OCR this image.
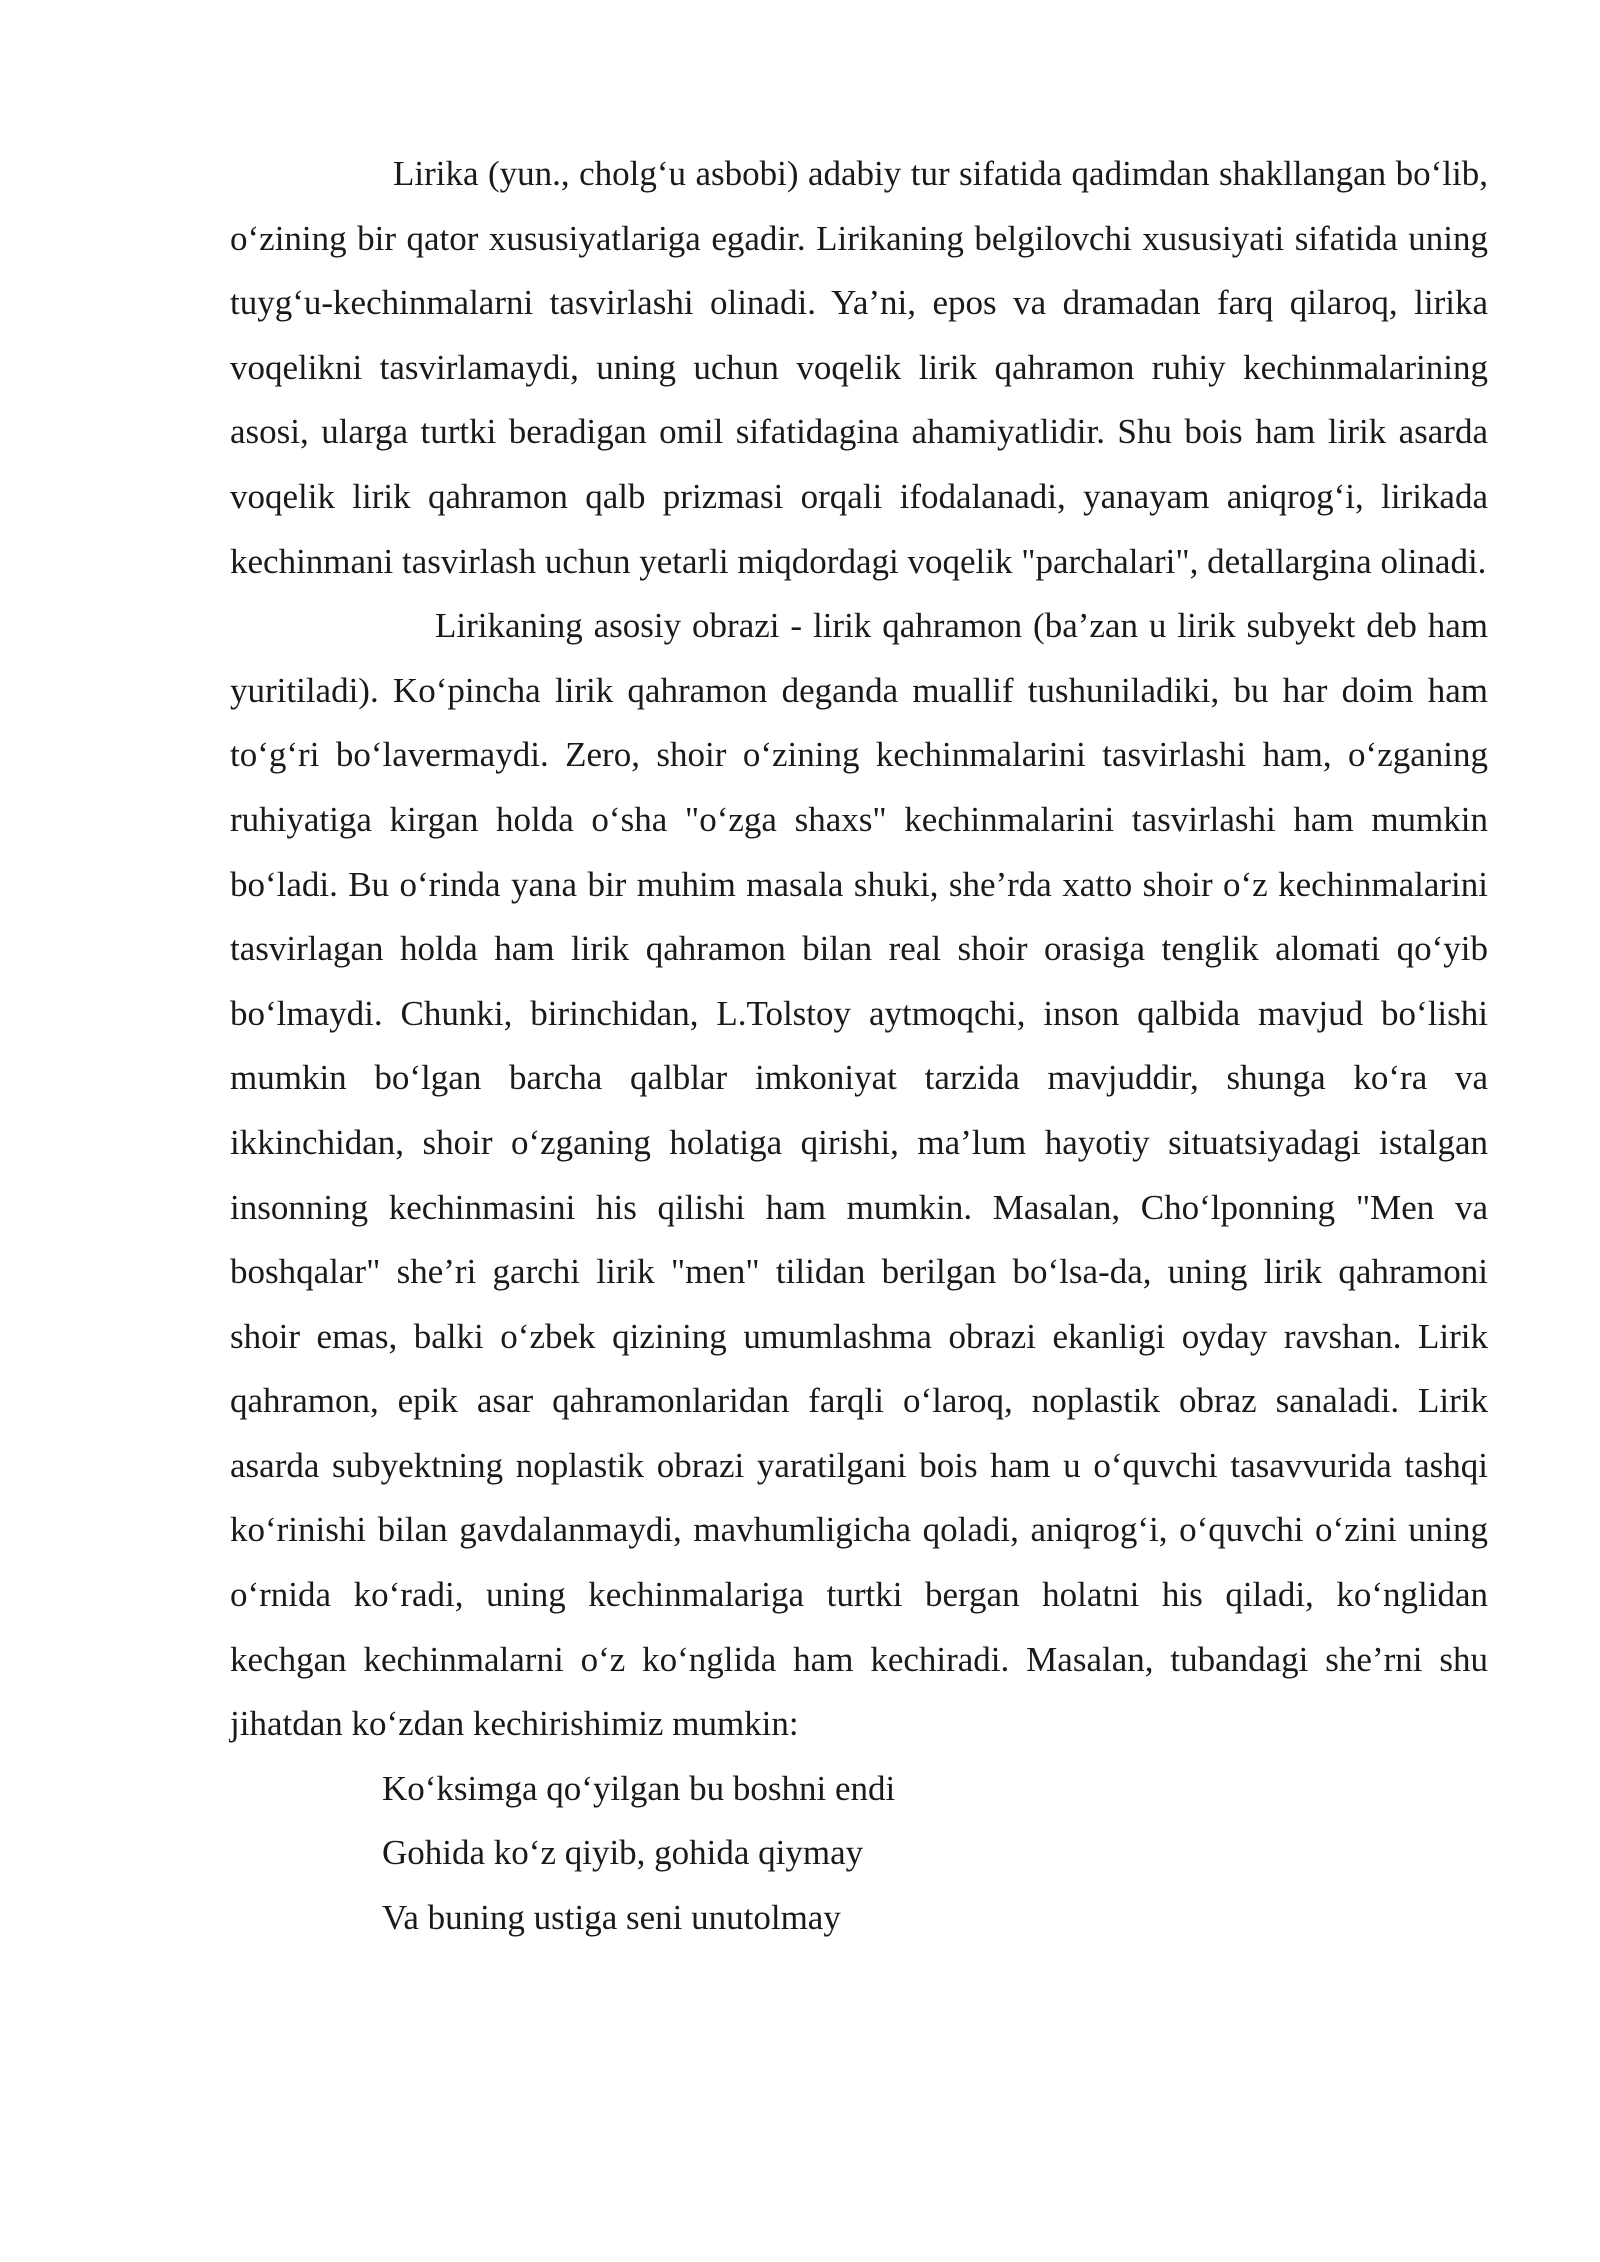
Lirika (yun., cholg‘u asbobi) adabiy tur sifatida qadimdan shakllangan bo‘lib, o‘zining bir qator xususiyatlariga egadir. Lirikaning belgilovchi xususiyati sifatida uning tuyg‘u-kechinmalarni tasvirlashi olinadi. Ya’ni, epos va dramadan farq qilaroq, lirika voqelikni tasvirlamaydi, uning uchun voqelik lirik qahramon ruhiy kechinmalarining asosi, ularga turtki beradigan omil sifatidagina ahamiyatlidir. Shu bois ham lirik asarda voqelik lirik qahramon qalb prizmasi orqali ifodalanadi, yanayam aniqrog‘i, lirikada kechinmani tasvirlash uchun yetarli miqdordagi voqelik "parchalari", detallargina olinadi.

Lirikaning asosiy obrazi - lirik qahramon (ba’zan u lirik subyekt deb ham yuritiladi). Ko‘pincha lirik qahramon deganda muallif tushuniladiki, bu har doim ham to‘g‘ri bo‘lavermaydi. Zero, shoir o‘zining kechinmalarini tasvirlashi ham, o‘zganing ruhiyatiga kirgan holda o‘sha "o‘zga shaxs" kechinmalarini tasvirlashi ham mumkin bo‘ladi. Bu o‘rinda yana bir muhim masala shuki, she’rda xatto shoir o‘z kechinmalarini tasvirlagan holda ham lirik qahramon bilan real shoir orasiga tenglik alomati qo‘yib bo‘lmaydi. Chunki, birinchidan, L.Tolstoy aytmoqchi, inson qalbida mavjud bo‘lishi mumkin bo‘lgan barcha qalblar imkoniyat tarzida mavjuddir, shunga ko‘ra va ikkinchidan, shoir o‘zganing holatiga qirishi, ma’lum hayotiy situatsiyadagi istalgan insonning kechinmasini his qilishi ham mumkin. Masalan, Cho‘lponning "Men va boshqalar" she’ri garchi lirik "men" tilidan berilgan bo‘lsa-da, uning lirik qahramoni shoir emas, balki o‘zbek qizining umumlashma obrazi ekanligi oyday ravshan. Lirik qahramon, epik asar qahramonlaridan farqli o‘laroq, noplastik obraz sanaladi. Lirik asarda subyektning noplastik obrazi yaratilgani bois ham u o‘quvchi tasavvurida tashqi ko‘rinishi bilan gavdalanmaydi, mavhumligicha qoladi, aniqrog‘i, o‘quvchi o‘zini uning o‘rnida ko‘radi, uning kechinmalariga turtki bergan holatni his qiladi, ko‘nglidan kechgan kechinmalarni o‘z ko‘nglida ham kechiradi. Masalan, tubandagi she’rni shu jihatdan ko‘zdan kechirishimiz mumkin:

Ko‘ksimga qo‘yilgan bu boshni endi
Gohida ko‘z qiyib, gohida qiymay
Va buning ustiga seni unutolmay
